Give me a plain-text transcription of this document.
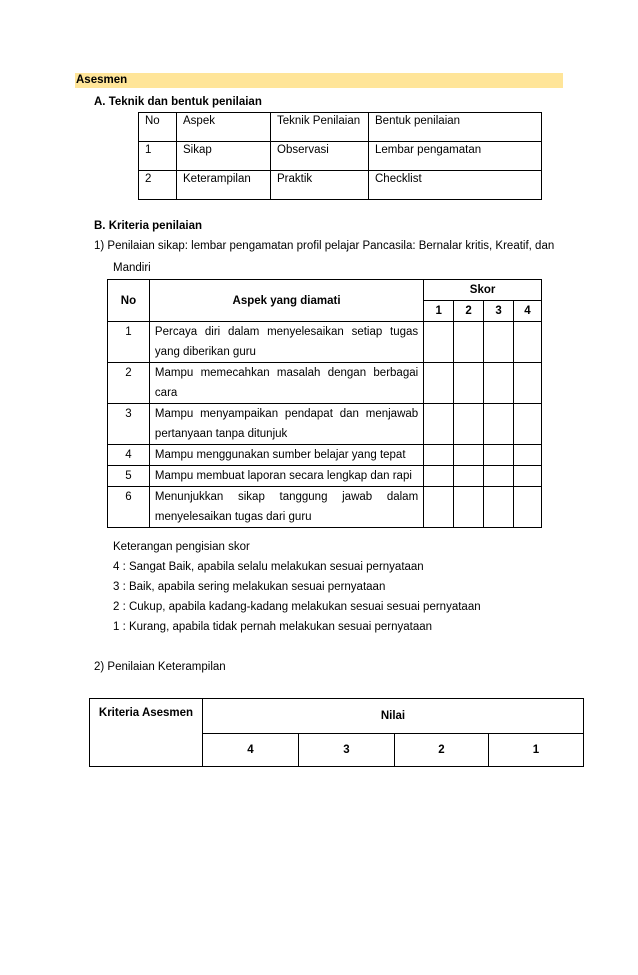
Asesmen
A. Teknik dan bentuk penilaian
No	Aspek	Teknik Penilaian	Bentuk penilaian
1	Sikap	Observasi	Lembar pengamatan
2	Keterampilan	Praktik	Checklist
B. Kriteria penilaian
1) Penilaian sikap: lembar pengamatan profil pelajar Pancasila: Bernalar kritis, Kreatif, dan
Mandiri
No	Aspek yang diamati	Skor			
		1	2	3	4
1	Percaya diri dalam menyelesaikan setiap tugas
yang diberikan guru				

2	Mampu memecahkan masalah dengan berbagai
cara				

3	Mampu menyampaikan pendapat dan menjawab
pertanyaan tanpa ditunjuk				

4	Mampu menggunakan sumber belajar yang tepat				

5	Mampu membuat laporan secara lengkap dan rapi				

6	Menunjukkan sikap tanggung jawab dalam
menyelesaikan tugas dari guru				

Keterangan pengisian skor
4 : Sangat Baik, apabila selalu melakukan sesuai pernyataan
3 : Baik, apabila sering melakukan sesuai pernyataan
2 : Cukup, apabila kadang-kadang melakukan sesuai sesuai pernyataan
1 : Kurang, apabila tidak pernah melakukan sesuai pernyataan
2) Penilaian Keterampilan
Kriteria Asesmen	Nilai			
	4	3	2	1
